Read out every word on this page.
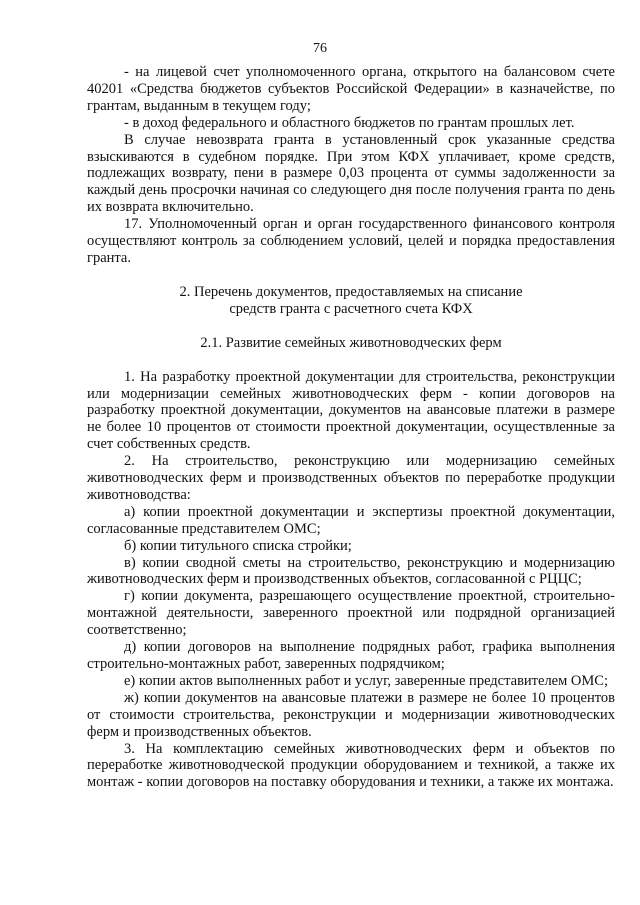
76

- на лицевой счет уполномоченного органа, открытого на балансовом счете 40201 «Средства бюджетов субъектов Российской Федерации» в казначействе, по грантам, выданным в текущем году;

- в доход федерального и областного бюджетов по грантам прошлых лет.

В случае невозврата гранта в установленный срок указанные средства взыскиваются в судебном порядке. При этом КФХ уплачивает, кроме средств, подлежащих возврату, пени в размере 0,03 процента от суммы задолженности за каждый день просрочки начиная со следующего дня после получения гранта по день их возврата включительно.

17. Уполномоченный орган и орган государственного финансового контроля осуществляют контроль за соблюдением условий, целей и порядка предоставления гранта.

2. Перечень документов, предоставляемых на списание
средств гранта с расчетного счета КФХ

2.1. Развитие семейных животноводческих ферм

1. На разработку проектной документации для строительства, реконструкции или модернизации семейных животноводческих ферм - копии договоров на разработку проектной документации, документов на авансовые платежи в размере не более 10 процентов от стоимости проектной документации, осуществленные за счет собственных средств.

2. На строительство, реконструкцию или модернизацию семейных животноводческих ферм и производственных объектов по переработке продукции животноводства:

а) копии проектной документации и экспертизы проектной документации, согласованные представителем ОМС;

б) копии титульного списка стройки;

в) копии сводной сметы на строительство, реконструкцию и модернизацию животноводческих ферм и производственных объектов, согласованной с РЦЦС;

г) копии документа, разрешающего осуществление проектной, строительно-монтажной деятельности, заверенного проектной или подрядной организацией соответственно;

д) копии договоров на выполнение подрядных работ, графика выполнения строительно-монтажных работ, заверенных подрядчиком;

е) копии актов выполненных работ и услуг, заверенные представителем ОМС;

ж) копии документов на авансовые платежи в размере не более 10 процентов от стоимости строительства, реконструкции и модернизации животноводческих ферм и производственных объектов.

3. На комплектацию семейных животноводческих ферм и объектов по переработке животноводческой продукции оборудованием и техникой, а также их монтаж - копии договоров на поставку оборудования и техники, а также их монтажа.
